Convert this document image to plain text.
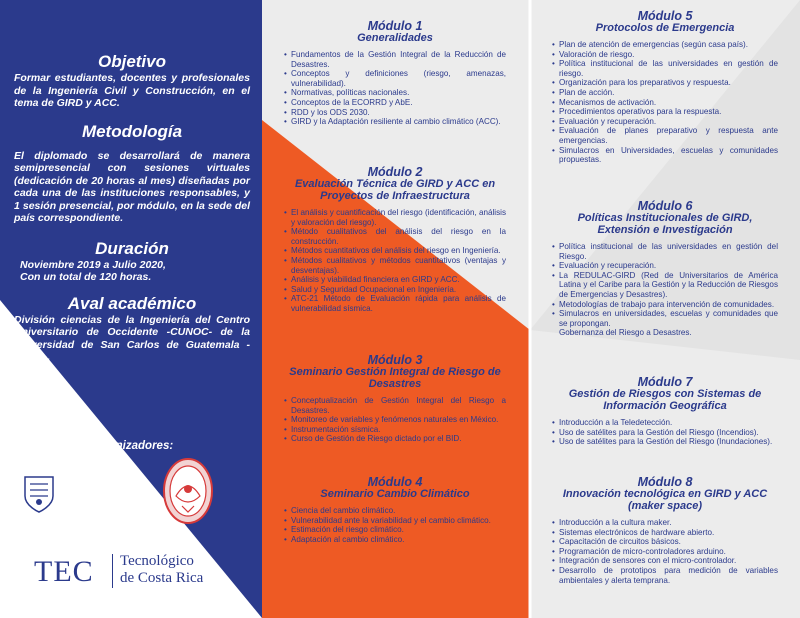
Objetivo

Formar estudiantes, docentes y profesionales de la Ingeniería Civil y Construcción, en el tema de GIRD y ACC.

Metodología

El diplomado se desarrollará de manera semipresencial con sesiones virtuales (dedicación de 20 horas al mes) diseñadas por cada una de las instituciones responsables, y 1 sesión presencial, por módulo, en la sede del país correspondiente.

Duración

Noviembre 2019 a Julio 2020,

Con un total de 120 horas.

Aval académico

División ciencias de la Ingeniería del Centro Universitario de Occidente -CUNOC- de la Universidad de San Carlos de Guatemala -USAC-.

Organizadores:
USAC
TRICENTENARIA
Universidad de San Carlos de Guatemala
CENTRO UNIVERSITARIO DE OCCIDENTE
TEC Tecnológico
de Costa Rica
Módulo 1
Generalidades
• Fundamentos de la Gestión Integral de la Reducción de Desastres.
• Conceptos y definiciones (riesgo, amenazas, vulnerabilidad).
• Normativas, políticas nacionales.
• Conceptos de la ECORRD y AbE.
• RDD y los ODS 2030.
• GIRD y la Adaptación resiliente al cambio climático (ACC).
Módulo 2
Evaluación Técnica de GIRD y ACC en Proyectos de Infraestructura
• El análisis y cuantificación del riesgo (identificación, análisis y valoración del riesgo).
• Método cualitativos del análisis del riesgo en la construcción.
• Métodos cuantitativos del análisis del riesgo en Ingeniería.
• Métodos cualitativos y métodos cuantitativos (ventajas y desventajas).
• Análisis y viabilidad financiera en GIRD y ACC.
• Salud y Seguridad Ocupacional en Ingeniería.
• ATC-21 Método de Evaluación rápida para análisis de vulnerabilidad sísmica.
Módulo 3
Seminario Gestión Integral de Riesgo de Desastres
• Conceptualización de Gestión Integral del Riesgo a Desastres.
• Monitoreo de variables y fenómenos naturales en México.
• Instrumentación sísmica.
• Curso de Gestión de Riesgo dictado por el BID.
Módulo 4
Seminario Cambio Climático
• Ciencia del cambio climático.
• Vulnerabilidad ante la variabilidad y el cambio climático.
• Estimación del riesgo climático.
• Adaptación al cambio climático.
Módulo 5
Protocolos de Emergencia
• Plan de atención de emergencias (según casa país).
• Valoración de riesgo.
• Política institucional de las universidades en gestión de riesgo.
• Organización para los preparativos y respuesta.
• Plan de acción.
• Mecanismos de activación.
• Procedimientos operativos para la respuesta.
• Evaluación y recuperación.
• Evaluación de planes preparativo y respuesta ante emergencias.
• Simulacros en Universidades, escuelas y comunidades propuestas.
Módulo 6
Políticas Institucionales de GIRD, Extensión e Investigación
• Política institucional de las universidades en gestión del Riesgo.
• Evaluación y recuperación.
• La REDULAC-GIRD (Red de Universitarios de América Latina y el Caribe para la Gestión y la Reducción de Riesgos de Emergencias y Desastres).
• Metodologías de trabajo para intervención de comunidades.
• Simulacros en universidades, escuelas y comunidades que se propongan.
Gobernanza del Riesgo a Desastres.
Módulo 7
Gestión de Riesgos con Sistemas de Información Geográfica
• Introducción a la Teledetección.
• Uso de satélites para la Gestión del Riesgo (Incendios).
• Uso de satélites para la Gestión del Riesgo (Inundaciones).
Módulo 8
Innovación tecnológica en GIRD y ACC (maker space)
• Introducción a la cultura maker.
• Sistemas electrónicos de hardware abierto.
• Capacitación de circuitos básicos.
• Programación de micro-controladores arduino.
• Integración de sensores con el micro-controlador.
• Desarrollo de prototipos para medición de variables ambientales y alerta temprana.
